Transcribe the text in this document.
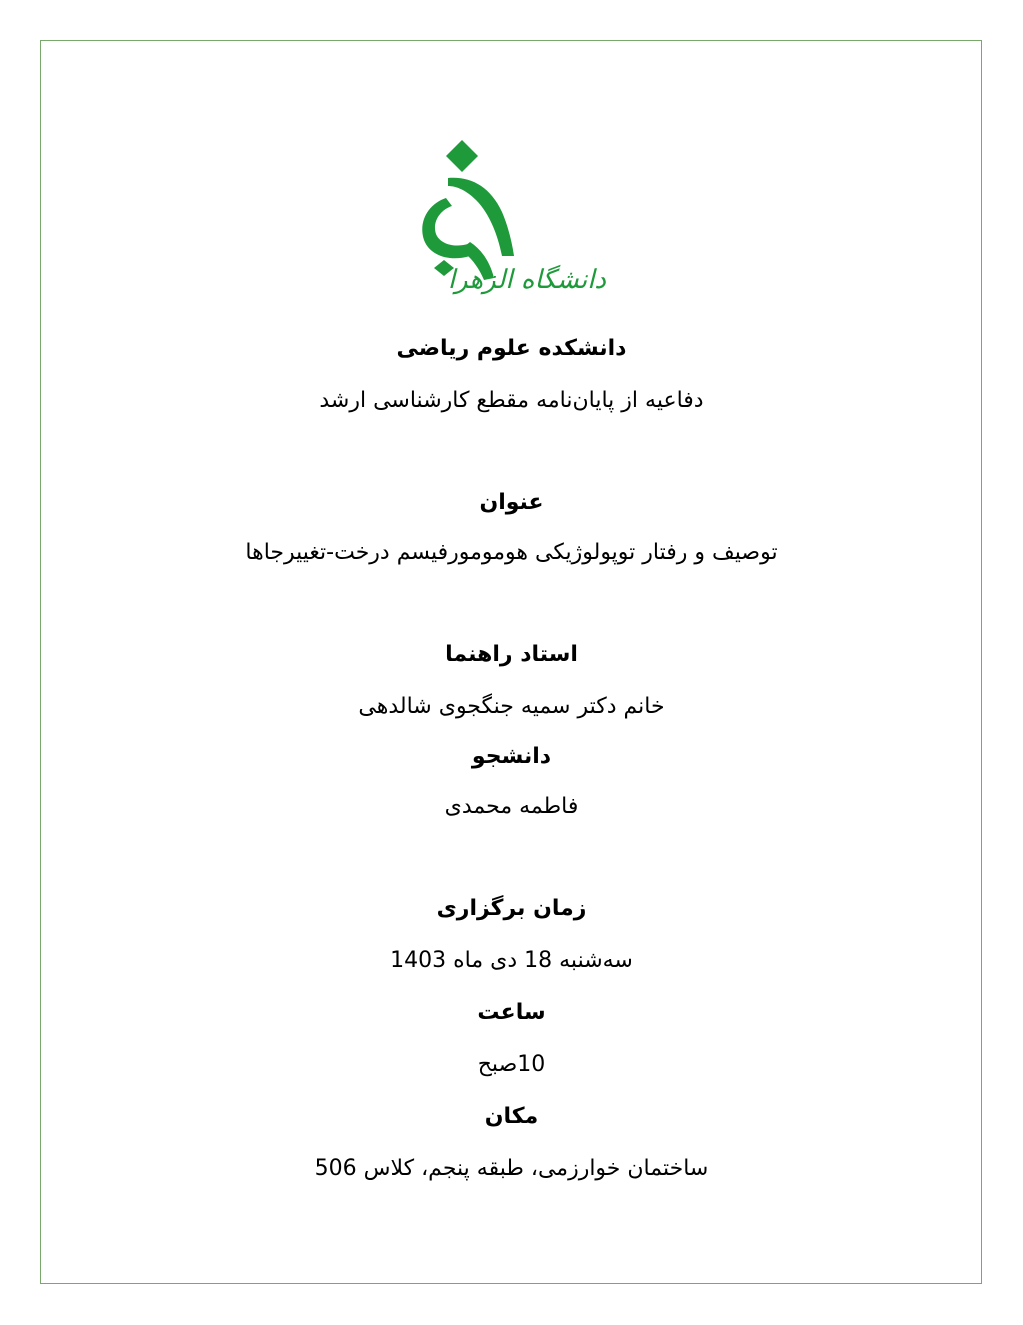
دانشگاه الزهرا
دانشکده علوم ریاضی
دفاعیه از پایان‌نامه مقطع کارشناسی ارشد
عنوان
توصیف و رفتار توپولوژیکی هومومورفیسم درخت-تغییرجاها
استاد راهنما
خانم دکتر سمیه جنگجوی شالدهی
دانشجو
فاطمه محمدی
زمان برگزاری
سه‌شنبه 18 دی ماه 1403
ساعت
10صبح
مکان
ساختمان خوارزمی، طبقه پنجم، کلاس 506
